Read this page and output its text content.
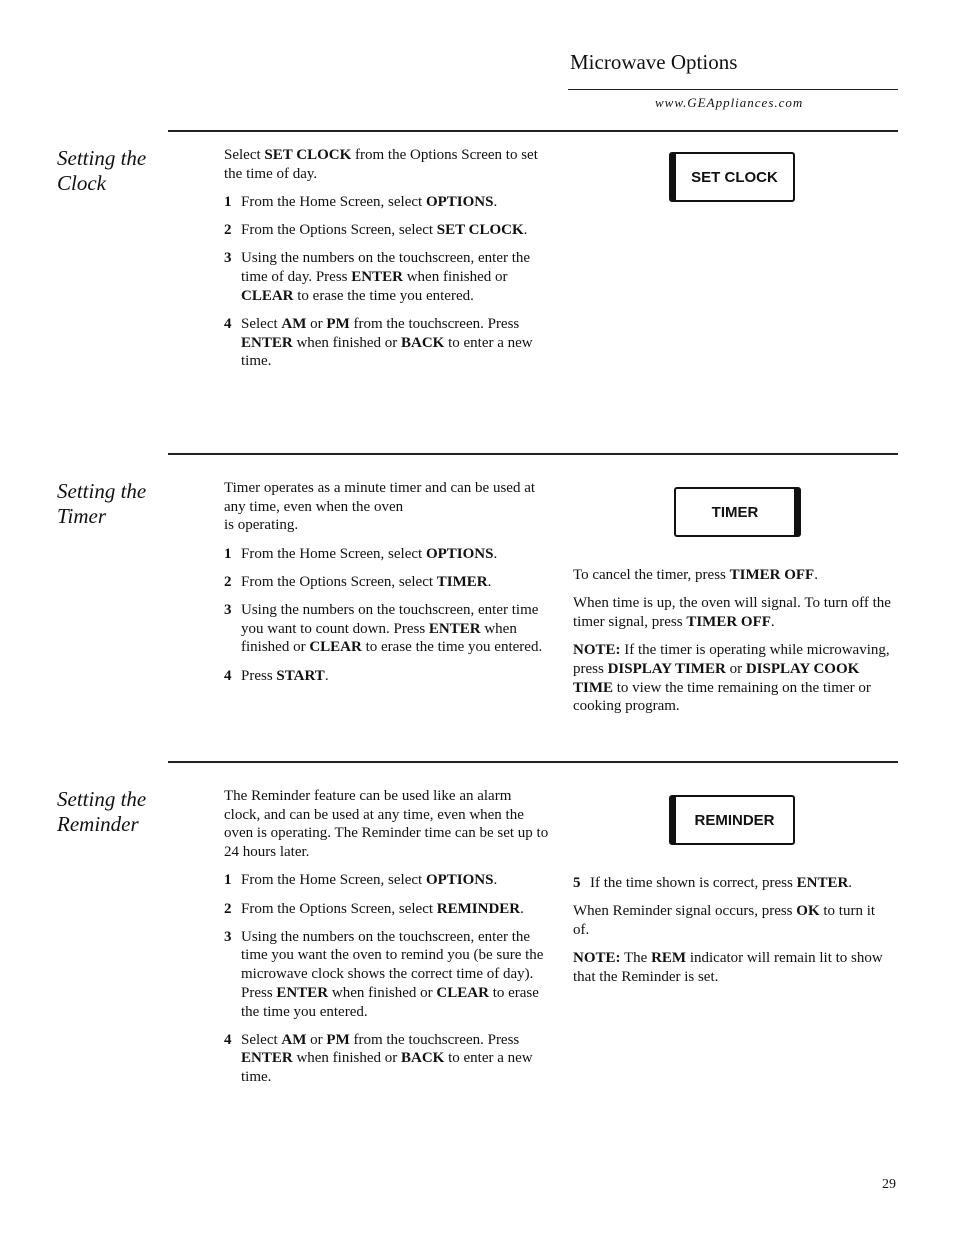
Microwave Options
www.GEAppliances.com
Setting the Clock

Select SET CLOCK from the Options Screen to set the time of day.

1 From the Home Screen, select OPTIONS.
2 From the Options Screen, select SET CLOCK.
3 Using the numbers on the touchscreen, enter the time of day. Press ENTER when finished or CLEAR to erase the time you entered.
4 Select AM or PM from the touchscreen. Press ENTER when finished or BACK to enter a new time.
SET CLOCK
Setting the Timer

Timer operates as a minute timer and can be used at any time, even when the oven
is operating.

1 From the Home Screen, select OPTIONS.
2 From the Options Screen, select TIMER.
3 Using the numbers on the touchscreen, enter time you want to count down. Press ENTER when finished or CLEAR to erase the time you entered.
4 Press START.
TIMER

To cancel the timer, press TIMER OFF.

When time is up, the oven will signal. To turn off the timer signal, press TIMER OFF.

NOTE: If the timer is operating while microwaving, press DISPLAY TIMER or DISPLAY COOK TIME to view the time remaining on the timer or cooking program.

Setting the Reminder

The Reminder feature can be used like an alarm clock, and can be used at any time, even when the oven is operating. The Reminder time can be set up to 24 hours later.

1 From the Home Screen, select OPTIONS.
2 From the Options Screen, select REMINDER.
3 Using the numbers on the touchscreen, enter the time you want the oven to remind you (be sure the microwave clock shows the correct time of day). Press ENTER when finished or CLEAR to erase the time you entered.
4 Select AM or PM from the touchscreen. Press ENTER when finished or BACK to enter a new time.
REMINDER
5 If the time shown is correct, press ENTER.

When Reminder signal occurs, press OK to turn it of.

NOTE: The REM indicator will remain lit to show that the Reminder is set.

29
